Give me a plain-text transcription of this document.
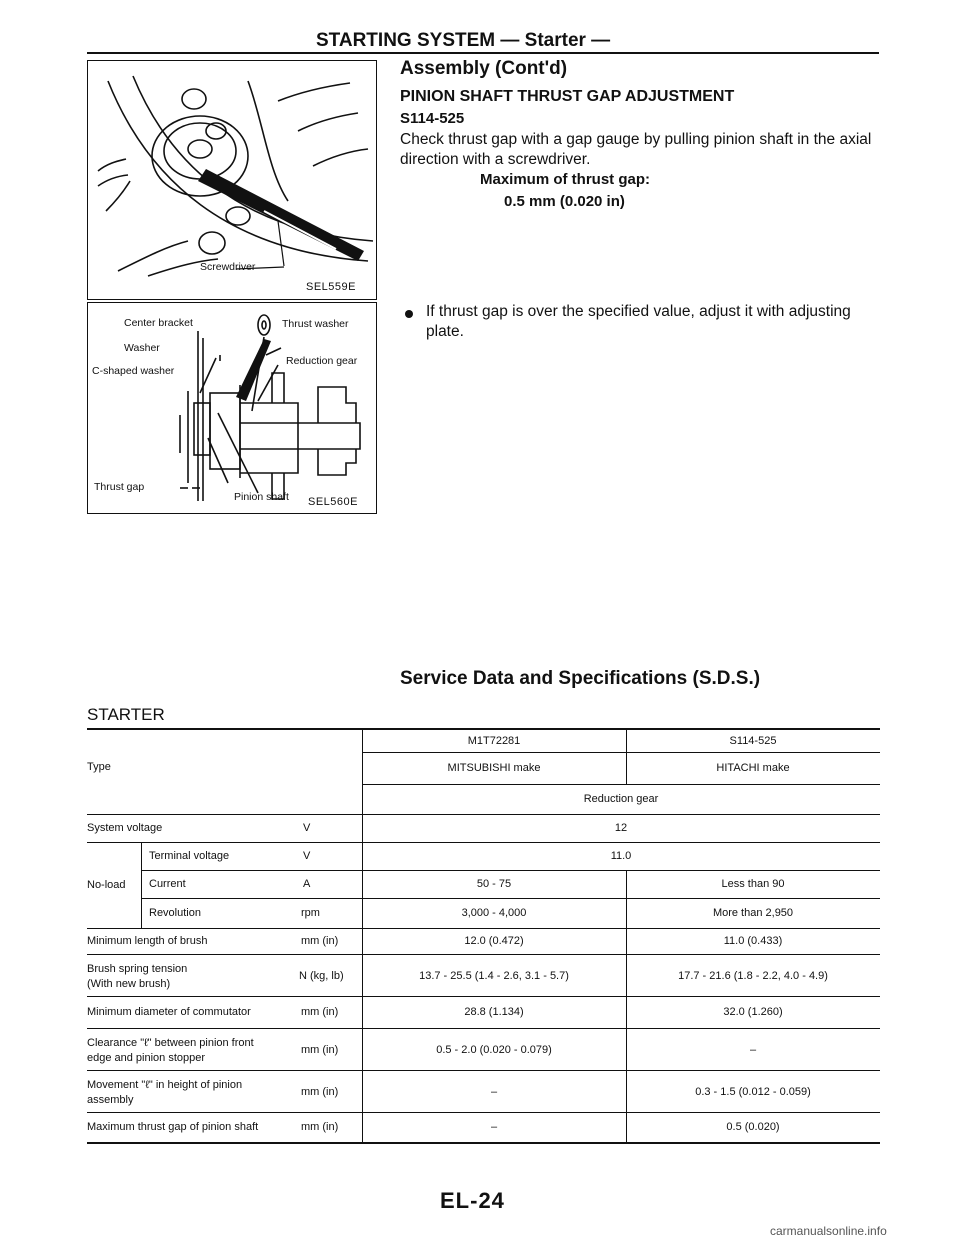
STARTING SYSTEM — Starter —
Screwdriver
SEL559E
Center bracket	Thrust washer
Washer
Reduction gear
C-shaped washer
Thrust gap
Pinion shaft SEL560E
Assembly (Cont'd)
PINION SHAFT THRUST GAP ADJUSTMENT
S114-525
Check thrust gap with a gap gauge by pulling pinion shaft in the axial direction with a screwdriver.
Maximum of thrust gap:
0.5 mm (0.020 in)
If thrust gap is over the specified value, adjust it with adjusting plate.
Service Data and Specifications (S.D.S.)
STARTER
M1T72281	S114-525
Type	MITSUBISHI make	HITACHI make
Reduction gear
System voltage	V	12
No-load
Terminal voltage	V	11.0
Current	A	50 - 75	Less than 90
Revolution	rpm	3,000 - 4,000	More than 2,950
Minimum length of brush	mm (in)	12.0 (0.472)	11.0 (0.433)
Brush spring tension
(With new brush)
N (kg, lb)	13.7 - 25.5 (1.4 - 2.6, 3.1 - 5.7)	17.7 - 21.6 (1.8 - 2.2, 4.0 - 4.9)
Minimum diameter of commutator	mm (in)	28.8 (1.134)	32.0 (1.260)
Clearance "ℓ" between pinion front
edge and pinion stopper
mm (in)	0.5 - 2.0 (0.020 - 0.079)	–
Movement "ℓ" in height of pinion
assembly
mm (in)	–	0.3 - 1.5 (0.012 - 0.059)
Maximum thrust gap of pinion shaft	mm (in)	–	0.5 (0.020)
EL-24
carmanualsonline.info
